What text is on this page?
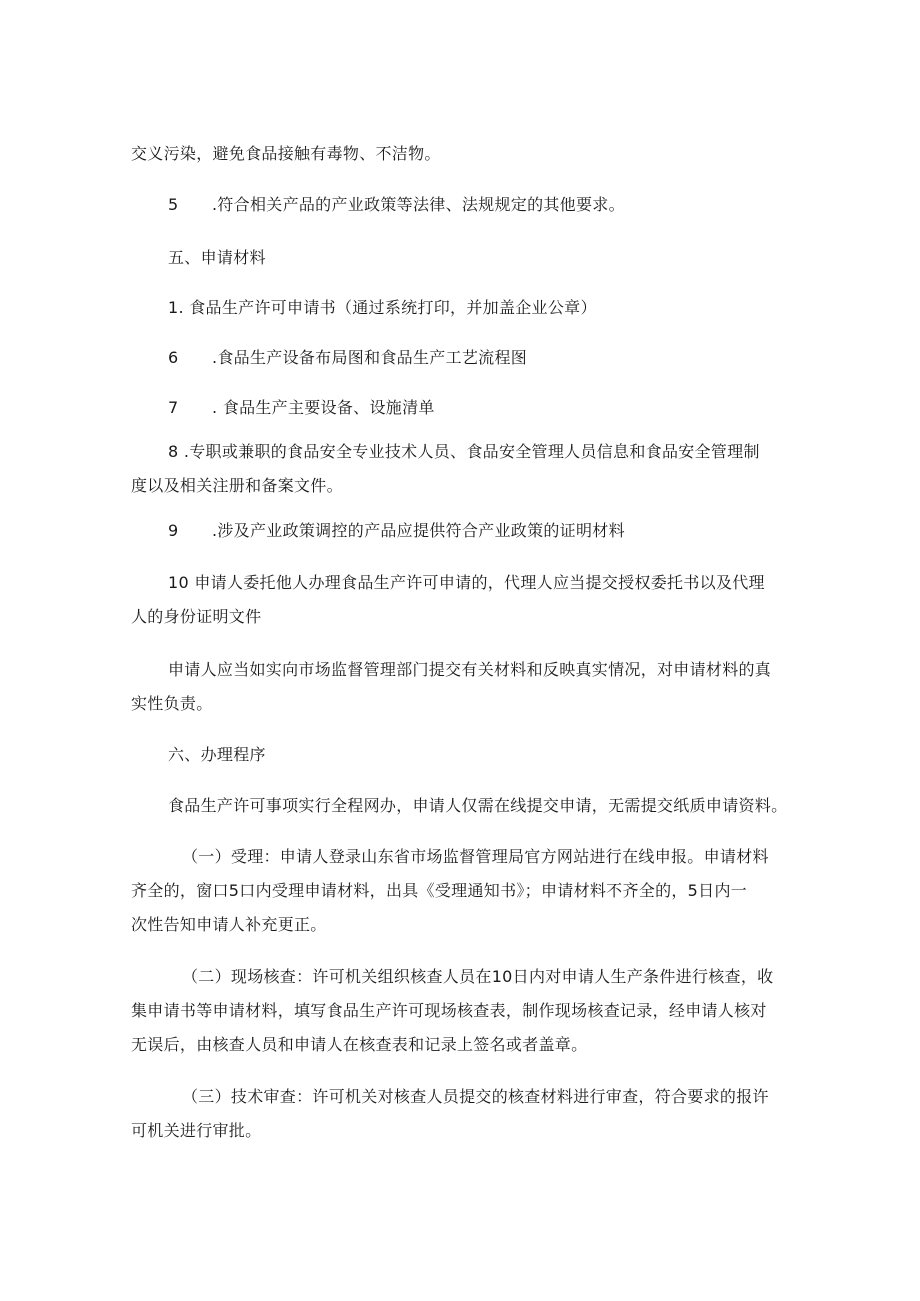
交义污染，避免食品接触有毒物、不洁物。
5 .符合相关产品的产业政策等法律、法规规定的其他要求。
五、申请材料
1. 食品生产许可申请书（通过系统打印，并加盖企业公章）
6 .食品生产设备布局图和食品生产工艺流程图
7 . 食品生产主要设备、设施清单
8 .专职或兼职的食品安全专业技术人员、食品安全管理人员信息和食品安全管理制
度以及相关注册和备案文件。
9 .涉及产业政策调控的产品应提供符合产业政策的证明材料
10 申请人委托他人办理食品生产许可申请的，代理人应当提交授权委托书以及代理
人的身份证明文件
申请人应当如实向市场监督管理部门提交有关材料和反映真实情况，对申请材料的真
实性负责。
六、办理程序
食品生产许可事项实行全程网办，申请人仅需在线提交申请，无需提交纸质申请资料。
（一）受理：申请人登录山东省市场监督管理局官方网站进行在线申报。申请材料
齐全的，窗口5口内受理申请材料，出具《受理通知书》；申请材料不齐全的，5日内一
次性告知申请人补充更正。
（二）现场核查：许可机关组织核查人员在10日内对申请人生产条件进行核查，收
集申请书等申请材料，填写食品生产许可现场核查表，制作现场核查记录，经申请人核对
无误后，由核查人员和申请人在核查表和记录上签名或者盖章。
（三）技术审查：许可机关对核查人员提交的核查材料进行审查，符合要求的报许
可机关进行审批。
